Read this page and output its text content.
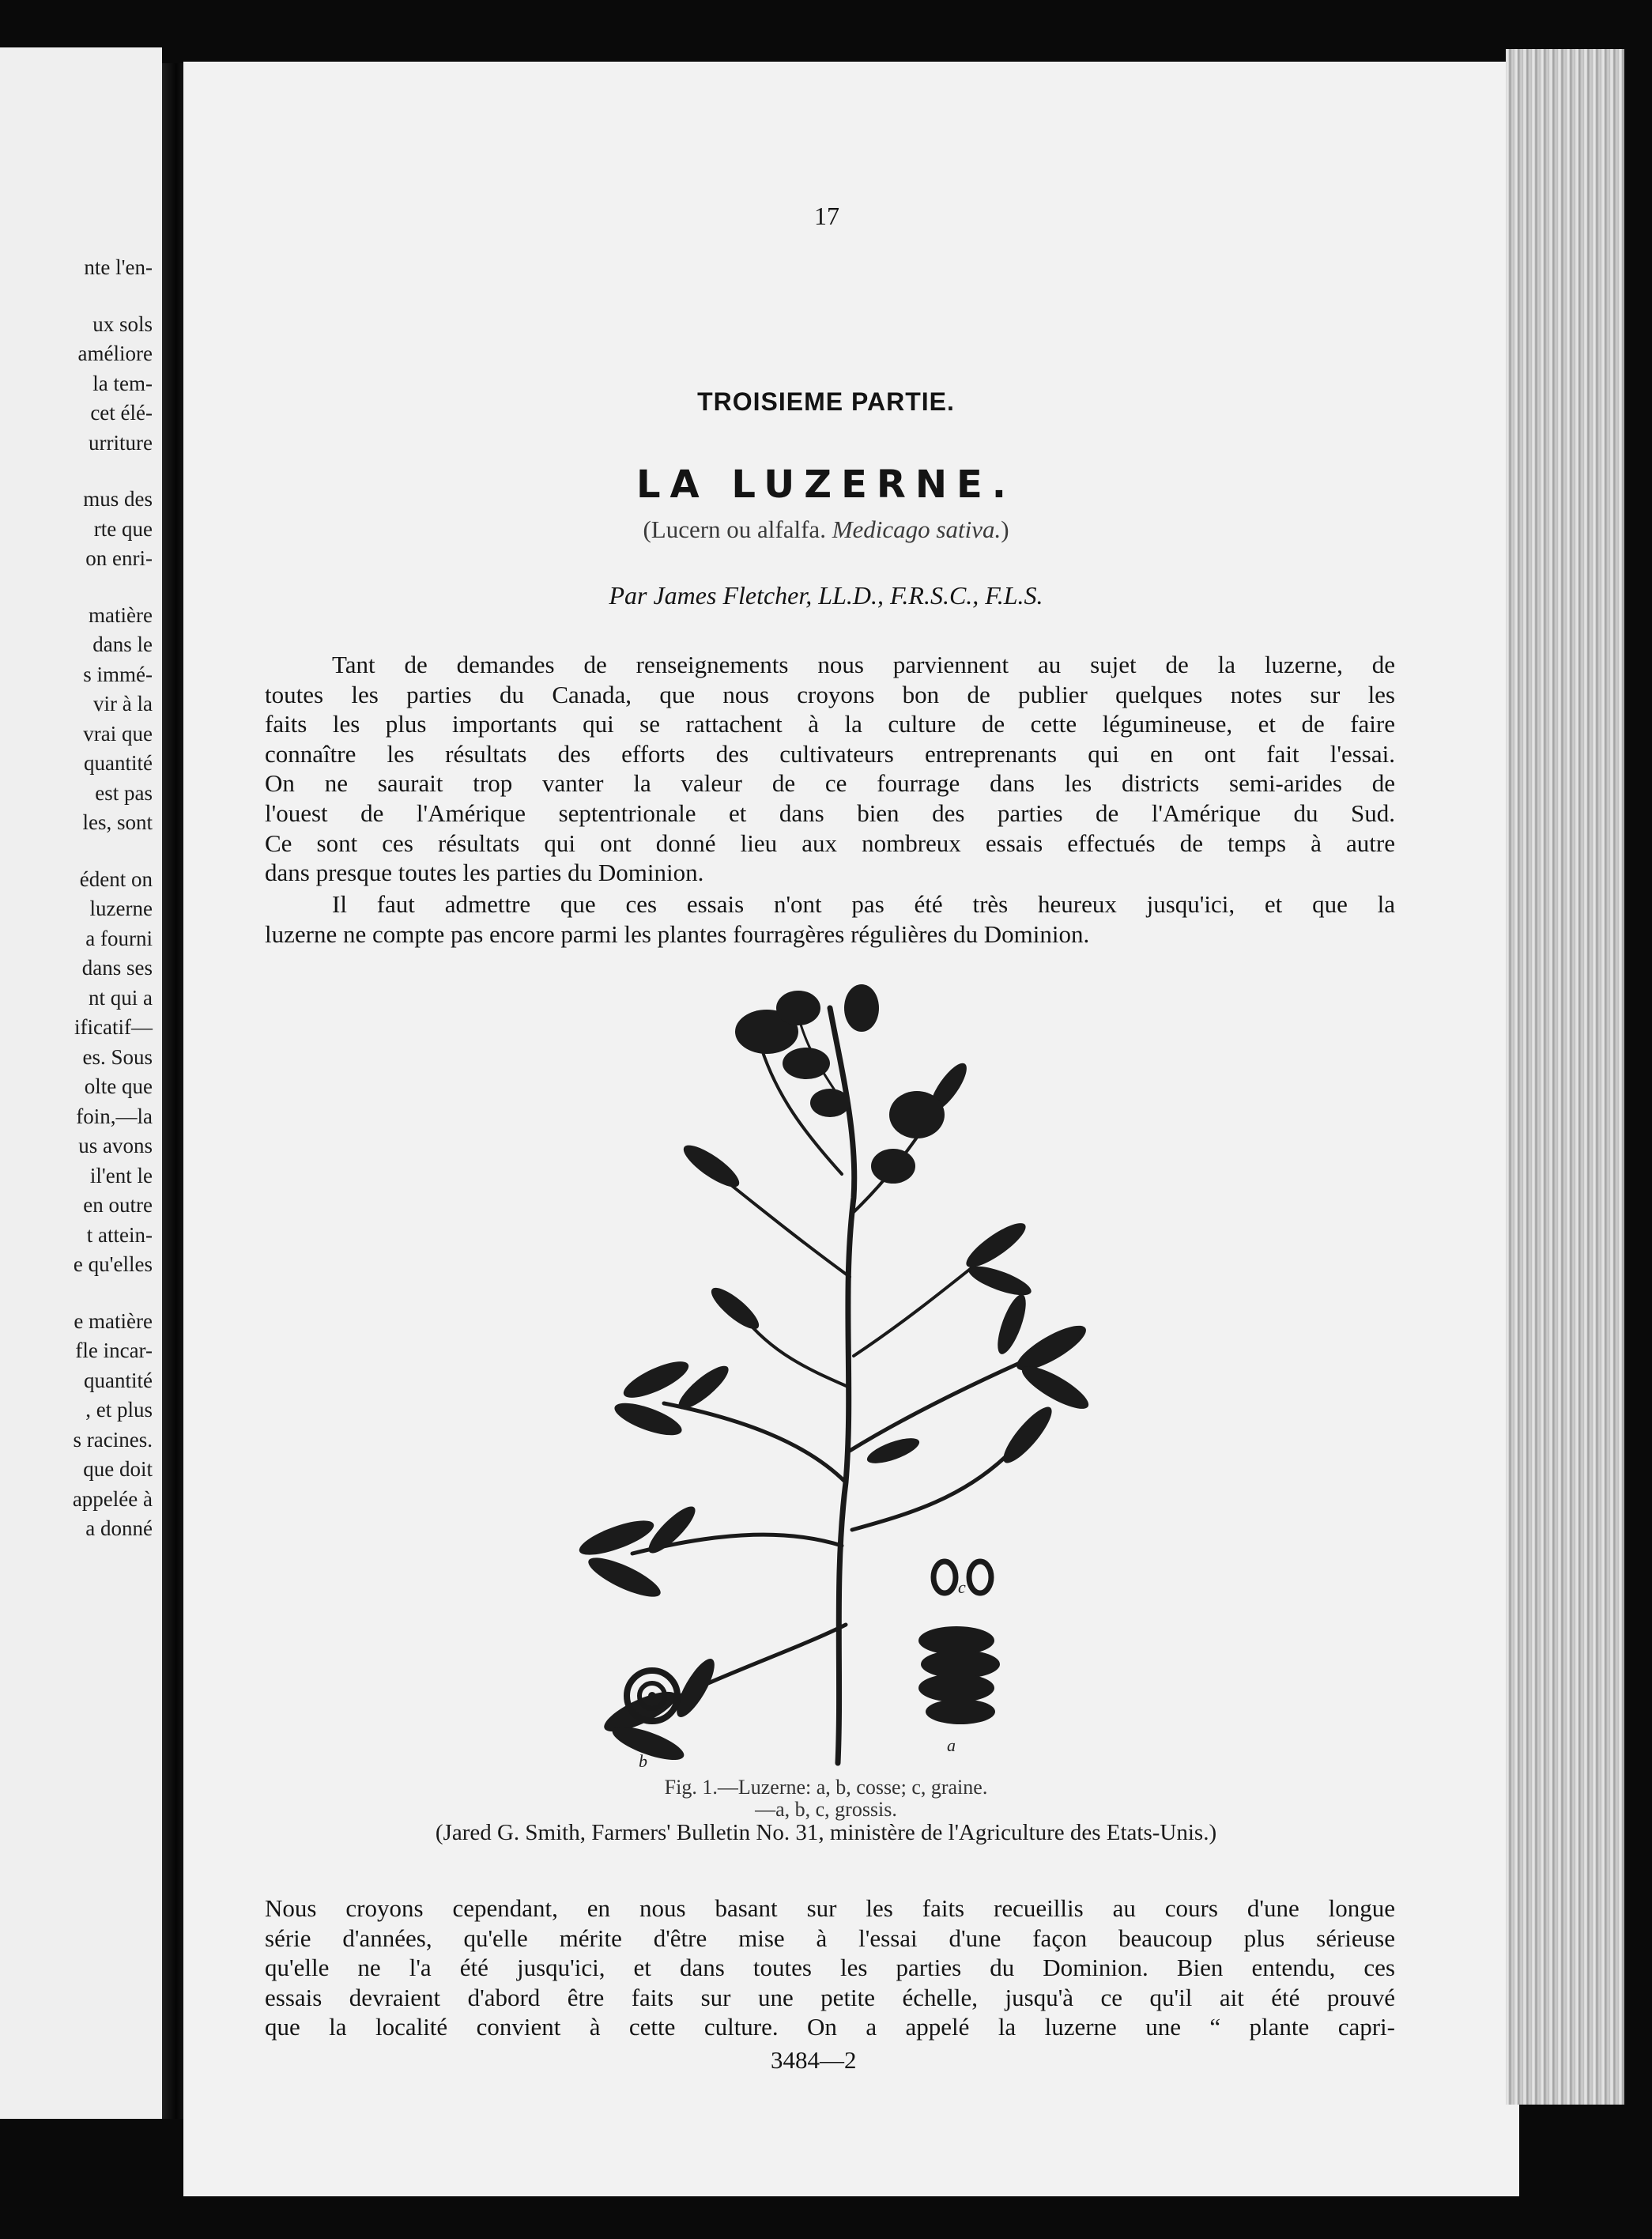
nte l'en-
ux sols
améliore
la tem-
cet élé-
urriture
mus des
rte que
on enri-
matière
dans le
s immé-
vir à la
vrai que
quantité
est pas
les, sont
édent on
luzerne
a fourni
dans ses
nt qui a
ificatif—
es. Sous
olte que
foin,—la
us avons
il'ent le
en outre
t attein-
e qu'elles
e matière
fle incar-
quantité
, et plus
s racines.
que doit
appelée à
a donné
17
TROISIEME PARTIE.
LA LUZERNE.
(Lucern ou alfalfa. Medicago sativa.)
Par James Fletcher, LL.D., F.R.S.C., F.L.S.
Tant de demandes de renseignements nous parviennent au sujet de la luzerne, de
toutes les parties du Canada, que nous croyons bon de publier quelques notes sur les
faits les plus importants qui se rattachent à la culture de cette légumineuse, et de faire
connaître les résultats des efforts des cultivateurs entreprenants qui en ont fait l'essai.
On ne saurait trop vanter la valeur de ce fourrage dans les districts semi-arides de
l'ouest de l'Amérique septentrionale et dans bien des parties de l'Amérique du Sud.
Ce sont ces résultats qui ont donné lieu aux nombreux essais effectués de temps à autre
dans presque toutes les parties du Dominion.
Il faut admettre que ces essais n'ont pas été très heureux jusqu'ici, et que la
luzerne ne compte pas encore parmi les plantes fourragères régulières du Dominion.
b
a
c
Fig. 1.—Luzerne: a, b, cosse; c, graine.
—a, b, c, grossis.
(Jared G. Smith, Farmers' Bulletin No. 31, ministère de l'Agriculture des Etats-Unis.)
Nous croyons cependant, en nous basant sur les faits recueillis au cours d'une longue
série d'années, qu'elle mérite d'être mise à l'essai d'une façon beaucoup plus sérieuse
qu'elle ne l'a été jusqu'ici, et dans toutes les parties du Dominion. Bien entendu, ces
essais devraient d'abord être faits sur une petite échelle, jusqu'à ce qu'il ait été prouvé
que la localité convient à cette culture. On a appelé la luzerne une “ plante capri-
3484—2
